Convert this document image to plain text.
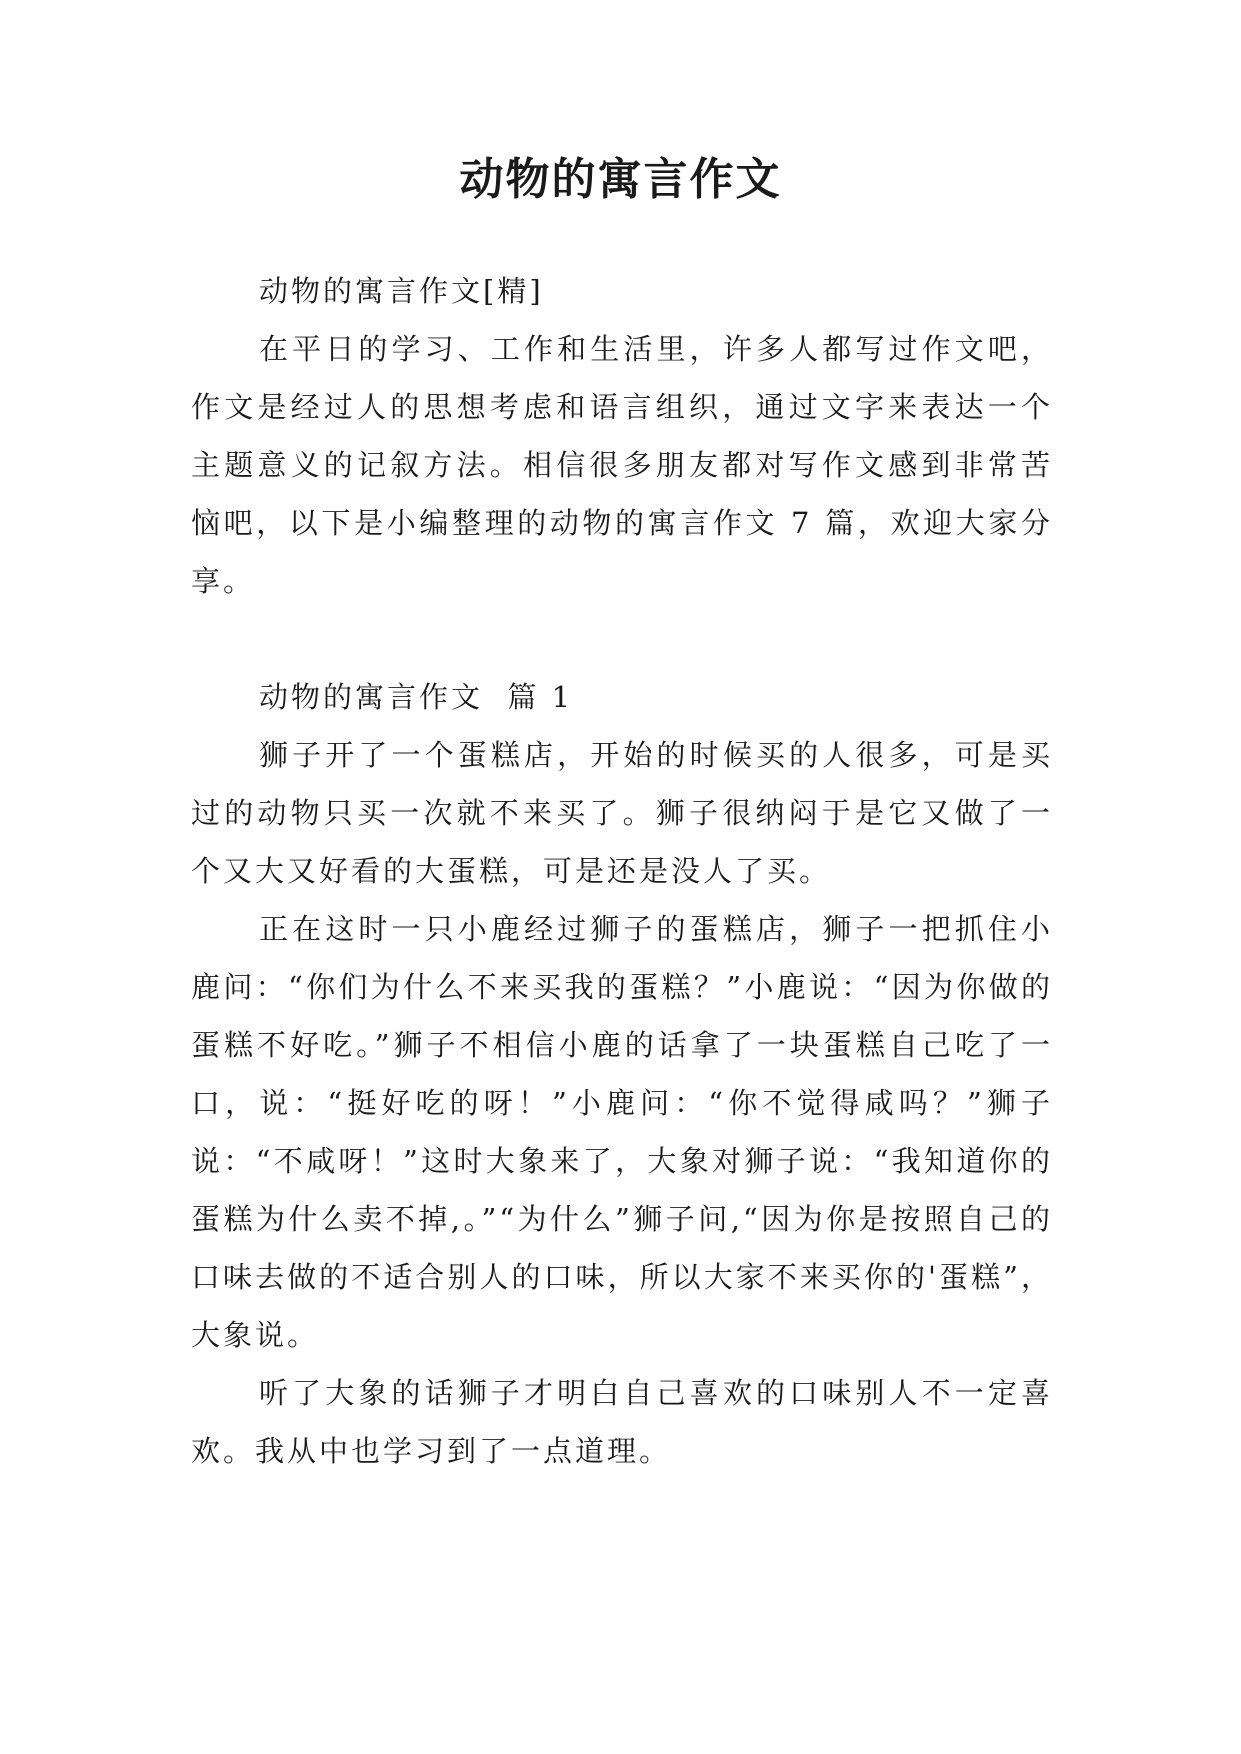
动物的寓言作文

动物的寓言作文[精]

在平日的学习、工作和生活里，许多人都写过作文吧，作文是经过人的思想考虑和语言组织，通过文字来表达一个主题意义的记叙方法。相信很多朋友都对写作文感到非常苦恼吧，以下是小编整理的动物的寓言作文 7 篇，欢迎大家分享。

动物的寓言作文  篇 1

狮子开了一个蛋糕店，开始的时候买的人很多，可是买过的动物只买一次就不来买了。狮子很纳闷于是它又做了一个又大又好看的大蛋糕，可是还是没人了买。

正在这时一只小鹿经过狮子的蛋糕店，狮子一把抓住小鹿问：“你们为什么不来买我的蛋糕？”小鹿说：“因为你做的蛋糕不好吃。”狮子不相信小鹿的话拿了一块蛋糕自己吃了一口，说：“挺好吃的呀！”小鹿问：“你不觉得咸吗？”狮子说：“不咸呀！”这时大象来了，大象对狮子说：“我知道你的蛋糕为什么卖不掉,。”“为什么”狮子问,“因为你是按照自己的口味去做的不适合别人的口味，所以大家不来买你的'蛋糕”，大象说。

听了大象的话狮子才明白自己喜欢的口味别人不一定喜欢。我从中也学习到了一点道理。
